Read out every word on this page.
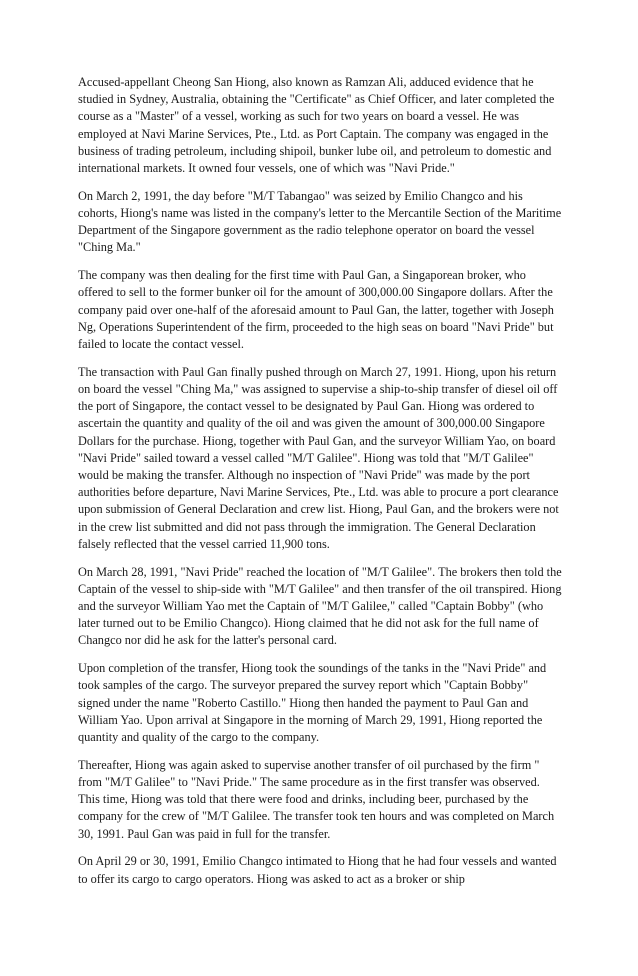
Accused-appellant Cheong San Hiong, also known as Ramzan Ali, adduced evidence that he studied in Sydney, Australia, obtaining the "Certificate" as Chief Officer, and later completed the course as a "Master" of a vessel, working as such for two years on board a vessel. He was employed at Navi Marine Services, Pte., Ltd. as Port Captain. The company was engaged in the business of trading petroleum, including shipoil, bunker lube oil, and petroleum to domestic and international markets. It owned four vessels, one of which was "Navi Pride."

On March 2, 1991, the day before "M/T Tabangao" was seized by Emilio Changco and his cohorts, Hiong's name was listed in the company's letter to the Mercantile Section of the Maritime Department of the Singapore government as the radio telephone operator on board the vessel "Ching Ma."

The company was then dealing for the first time with Paul Gan, a Singaporean broker, who offered to sell to the former bunker oil for the amount of 300,000.00 Singapore dollars. After the company paid over one-half of the aforesaid amount to Paul Gan, the latter, together with Joseph Ng, Operations Superintendent of the firm, proceeded to the high seas on board "Navi Pride" but failed to locate the contact vessel.

The transaction with Paul Gan finally pushed through on March 27, 1991. Hiong, upon his return on board the vessel "Ching Ma," was assigned to supervise a ship-to-ship transfer of diesel oil off the port of Singapore, the contact vessel to be designated by Paul Gan. Hiong was ordered to ascertain the quantity and quality of the oil and was given the amount of 300,000.00 Singapore Dollars for the purchase. Hiong, together with Paul Gan, and the surveyor William Yao, on board "Navi Pride" sailed toward a vessel called "M/T Galilee". Hiong was told that "M/T Galilee" would be making the transfer. Although no inspection of "Navi Pride" was made by the port authorities before departure, Navi Marine Services, Pte., Ltd. was able to procure a port clearance upon submission of General Declaration and crew list. Hiong, Paul Gan, and the brokers were not in the crew list submitted and did not pass through the immigration. The General Declaration falsely reflected that the vessel carried 11,900 tons.

On March 28, 1991, "Navi Pride" reached the location of "M/T Galilee". The brokers then told the Captain of the vessel to ship-side with "M/T Galilee" and then transfer of the oil transpired. Hiong and the surveyor William Yao met the Captain of "M/T Galilee," called "Captain Bobby" (who later turned out to be Emilio Changco). Hiong claimed that he did not ask for the full name of Changco nor did he ask for the latter's personal card.

Upon completion of the transfer, Hiong took the soundings of the tanks in the "Navi Pride" and took samples of the cargo. The surveyor prepared the survey report which "Captain Bobby" signed under the name "Roberto Castillo." Hiong then handed the payment to Paul Gan and William Yao. Upon arrival at Singapore in the morning of March 29, 1991, Hiong reported the quantity and quality of the cargo to the company.

Thereafter, Hiong was again asked to supervise another transfer of oil purchased by the firm " from "M/T Galilee" to "Navi Pride." The same procedure as in the first transfer was observed. This time, Hiong was told that there were food and drinks, including beer, purchased by the company for the crew of "M/T Galilee. The transfer took ten hours and was completed on March 30, 1991. Paul Gan was paid in full for the transfer.

On April 29 or 30, 1991, Emilio Changco intimated to Hiong that he had four vessels and wanted to offer its cargo to cargo operators. Hiong was asked to act as a broker or ship
